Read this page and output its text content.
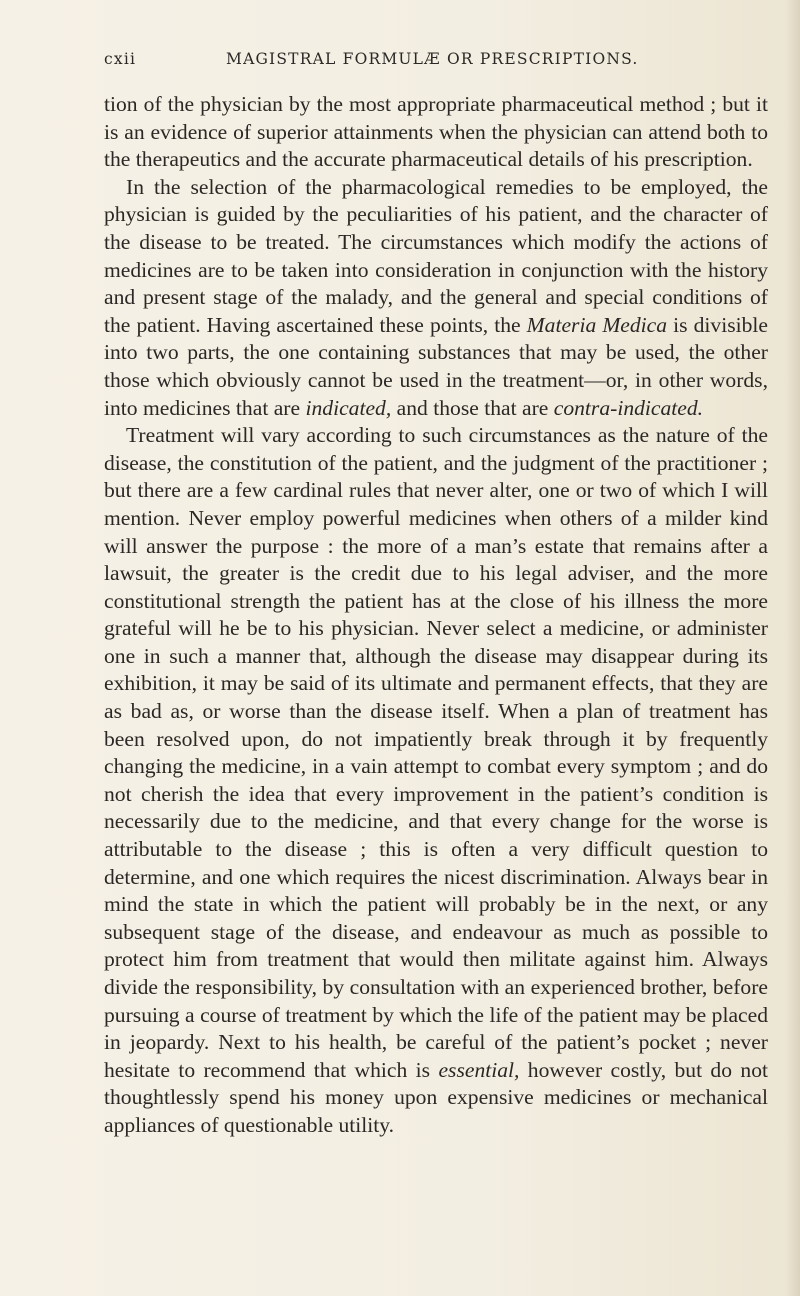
cxii	MAGISTRAL FORMULÆ OR PRESCRIPTIONS.

tion of the physician by the most appropriate pharmaceutical method ; but it is an evidence of superior attainments when the physician can attend both to the therapeutics and the accurate pharmaceutical details of his prescription.

In the selection of the pharmacological remedies to be employed, the physician is guided by the peculiarities of his patient, and the character of the disease to be treated. The circumstances which modify the actions of medicines are to be taken into consideration in conjunction with the history and present stage of the malady, and the general and special conditions of the patient. Having ascertained these points, the Materia Medica is divisible into two parts, the one containing substances that may be used, the other those which obviously cannot be used in the treatment—or, in other words, into medicines that are indicated, and those that are contra-indicated.

Treatment will vary according to such circumstances as the nature of the disease, the constitution of the patient, and the judgment of the practitioner ; but there are a few cardinal rules that never alter, one or two of which I will mention. Never employ powerful medicines when others of a milder kind will answer the purpose : the more of a man’s estate that remains after a lawsuit, the greater is the credit due to his legal adviser, and the more constitutional strength the patient has at the close of his illness the more grateful will he be to his physician. Never select a medicine, or administer one in such a manner that, although the disease may disappear during its exhibition, it may be said of its ultimate and permanent effects, that they are as bad as, or worse than the disease itself. When a plan of treatment has been resolved upon, do not impatiently break through it by frequently changing the medicine, in a vain attempt to combat every symptom ; and do not cherish the idea that every improvement in the patient’s condition is necessarily due to the medicine, and that every change for the worse is attributable to the disease ; this is often a very difficult question to determine, and one which requires the nicest discrimination. Always bear in mind the state in which the patient will probably be in the next, or any subsequent stage of the disease, and endeavour as much as possible to protect him from treatment that would then militate against him. Always divide the responsibility, by consultation with an experienced brother, before pursuing a course of treatment by which the life of the patient may be placed in jeopardy. Next to his health, be careful of the patient’s pocket ; never hesitate to recommend that which is essential, however costly, but do not thoughtlessly spend his money upon expensive medicines or mechanical appliances of questionable utility.
